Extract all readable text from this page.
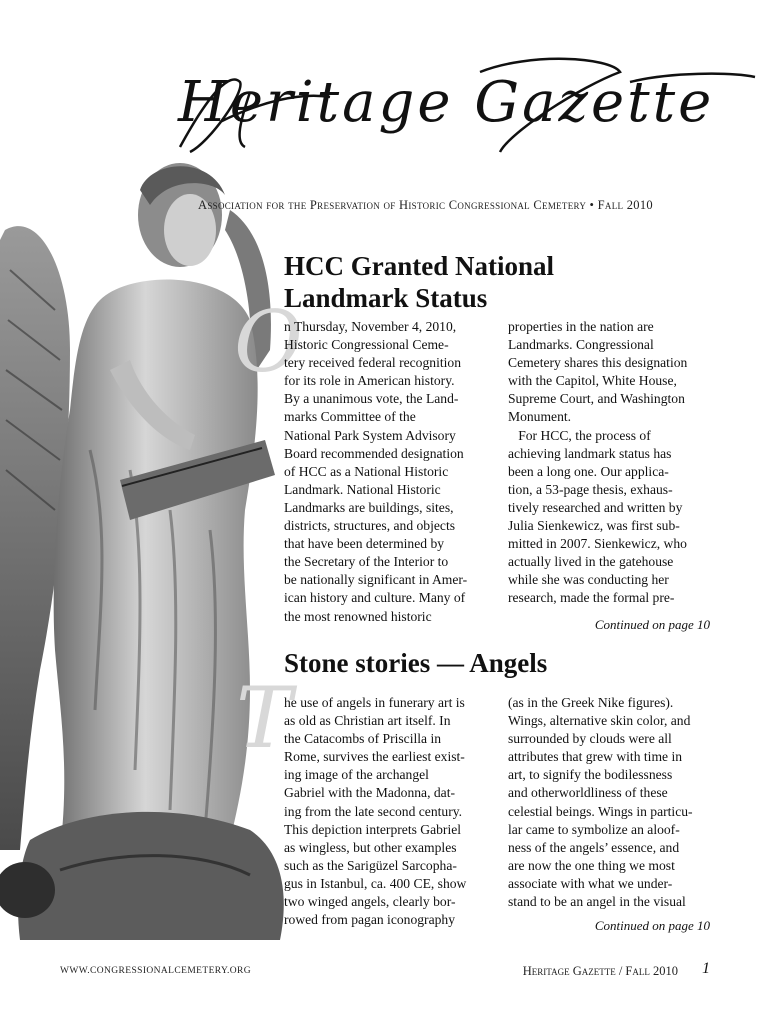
Heritage Gazette
Association for the Preservation of Historic Congressional Cemetery • Fall 2010
HCC Granted National
Landmark Status
O
n Thursday, November 4, 2010,
Historic Congressional Ceme-
tery received federal recognition
for its role in American history.
By a unanimous vote, the Land-
marks Committee of the
National Park System Advisory
Board recommended designation
of HCC as a National Historic
Landmark. National Historic
Landmarks are buildings, sites,
districts, structures, and objects
that have been determined by
the Secretary of the Interior to
be nationally significant in Amer-
ican history and culture. Many of
the most renowned historic
properties in the nation are
Landmarks. Congressional
Cemetery shares this designation
with the Capitol, White House,
Supreme Court, and Washington
Monument.
For HCC, the process of
achieving landmark status has
been a long one. Our applica-
tion, a 53-page thesis, exhaus-
tively researched and written by
Julia Sienkewicz, was first sub-
mitted in 2007. Sienkewicz, who
actually lived in the gatehouse
while she was conducting her
research, made the formal pre-
Continued on page 10
Stone stories — Angels
T
he use of angels in funerary art is
as old as Christian art itself. In
the Catacombs of Priscilla in
Rome, survives the earliest exist-
ing image of the archangel
Gabriel with the Madonna, dat-
ing from the late second century.
This depiction interprets Gabriel
as wingless, but other examples
such as the Sarigüzel Sarcopha-
gus in Istanbul, ca. 400 CE, show
two winged angels, clearly bor-
rowed from pagan iconography
(as in the Greek Nike figures).
Wings, alternative skin color, and
surrounded by clouds were all
attributes that grew with time in
art, to signify the bodilessness
and otherworldliness of these
celestial beings. Wings in particu-
lar came to symbolize an aloof-
ness of the angels’ essence, and
are now the one thing we most
associate with what we under-
stand to be an angel in the visual
Continued on page 10
WWW.CONGRESSIONALCEMETERY.ORG	Heritage Gazette / Fall 2010 1
